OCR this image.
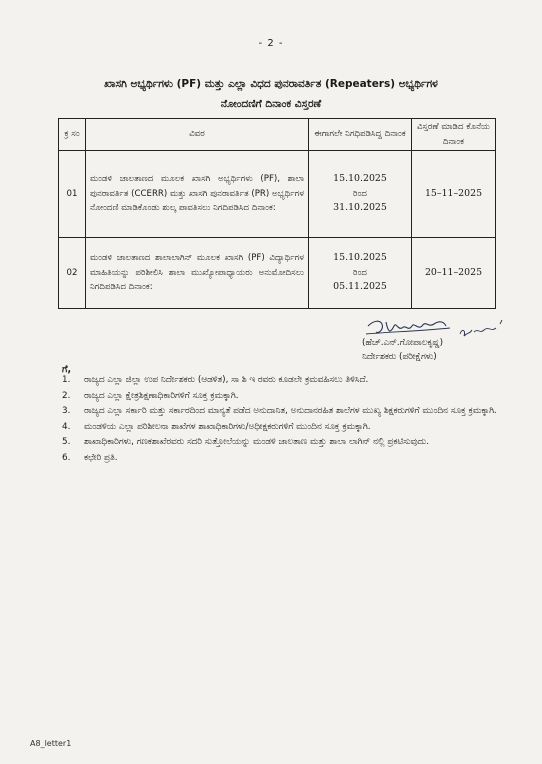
- 2 -
ಖಾಸಗಿ ಅಭ್ಯರ್ಥಿಗಳು (PF) ಮತ್ತು ಎಲ್ಲಾ ವಿಧದ ಪುನರಾವರ್ತಿತ (Repeaters) ಅಭ್ಯರ್ಥಿಗಳ
ನೋಂದಣಿಗೆ ದಿನಾಂಕ ವಿಸ್ತರಣೆ
ಕ್ರ ಸಂ	ವಿವರ	ಈಗಾಗಲೇ ನಿಗಧಿಪಡಿಸಿದ್ದ ದಿನಾಂಕ	ವಿಸ್ತರಣೆ ಮಾಡಿದ ಕೊನೆಯ ದಿನಾಂಕ
01	ಮಂಡಳಿ ಜಾಲತಾಣದ ಮೂಲಕ ಖಾಸಗಿ ಅಭ್ಯರ್ಥಿಗಳು (PF), ಶಾಲಾ ಪುನರಾವರ್ತಿತ (CCERR) ಮತ್ತು ಖಾಸಗಿ ಪುನರಾವರ್ತಿತ (PR) ಅಭ್ಯರ್ಥಿಗಳ ನೋಂದಣಿ ಮಾಡಿಕೊಂಡು ಶುಲ್ಕ ಪಾವತಿಸಲು ನಿಗದಿಪಡಿಸಿದ ದಿನಾಂಕ:	15.10.2025
ರಿಂದ
31.10.2025	15–11–2025
02	ಮಂಡಳಿ ಜಾಲತಾಣದ ಶಾಲಾಲಾಗಿನ್ ಮೂಲಕ ಖಾಸಗಿ (PF) ವಿದ್ಯಾರ್ಥಿಗಳ ಮಾಹಿತಿಯನ್ನು ಪರಿಶೀಲಿಸಿ ಶಾಲಾ ಮುಖ್ಯೋಪಾಧ್ಯಾಯರು ಅನುಮೋದಿಸಲು ನಿಗದಿಪಡಿಸಿದ ದಿನಾಂಕ:	15.10.2025
ರಿಂದ
05.11.2025	20–11–2025
(ಹೆಚ್.ಎನ್.ಗೋಪಾಲಕೃಷ್ಣ)
ನಿರ್ದೇಶಕರು (ಪರೀಕ್ಷೆಗಳು)
ಗೆ,
1. ರಾಜ್ಯದ ಎಲ್ಲಾ ಜಿಲ್ಲಾ ಉಪ ನಿರ್ದೇಶಕರು (ಆಡಳಿತ), ಸಾ ಶಿ ಇ ರವರು ಕೂಡಲೇ ಕ್ರಮವಹಿಸಲು ತಿಳಿಸಿದೆ.
2. ರಾಜ್ಯದ ಎಲ್ಲಾ ಕ್ಷೇತ್ರಶಿಕ್ಷಣಾಧಿಕಾರಿಗಳಿಗೆ ಸೂಕ್ತ ಕ್ರಮಕ್ಕಾಗಿ.
3. ರಾಜ್ಯದ ಎಲ್ಲಾ ಸರ್ಕಾರಿ ಮತ್ತು ಸರ್ಕಾರದಿಂದ ಮಾನ್ಯತೆ ಪಡೆದ ಅನುದಾನಿತ, ಅನುದಾನರಹಿತ ಶಾಲೆಗಳ ಮುಖ್ಯ ಶಿಕ್ಷಕರುಗಳಿಗೆ ಮುಂದಿನ ಸೂಕ್ತ ಕ್ರಮಕ್ಕಾಗಿ.
4. ಮಂಡಳಿಯ ಎಲ್ಲಾ ಪರಿಶೀಲನಾ ಶಾಖೆಗಳ ಶಾಖಾಧಿಕಾರಿಗಳು/ಅಧೀಕ್ಷಕರುಗಳಿಗೆ ಮುಂದಿನ ಸೂಕ್ತ ಕ್ರಮಕ್ಕಾಗಿ.
5. ಶಾಖಾಧಿಕಾರಿಗಳು, ಗಣಕಶಾಖೆರವರು ಸದರಿ ಸುತ್ತೋಲೆಯನ್ನು ಮಂಡಳಿ ಜಾಲತಾಣ ಮತ್ತು ಶಾಲಾ ಲಾಗಿನ್ ನಲ್ಲಿ ಪ್ರಕಟಿಸುವುದು.
6. ಕಛೇರಿ ಪ್ರತಿ.
A8_letter1
